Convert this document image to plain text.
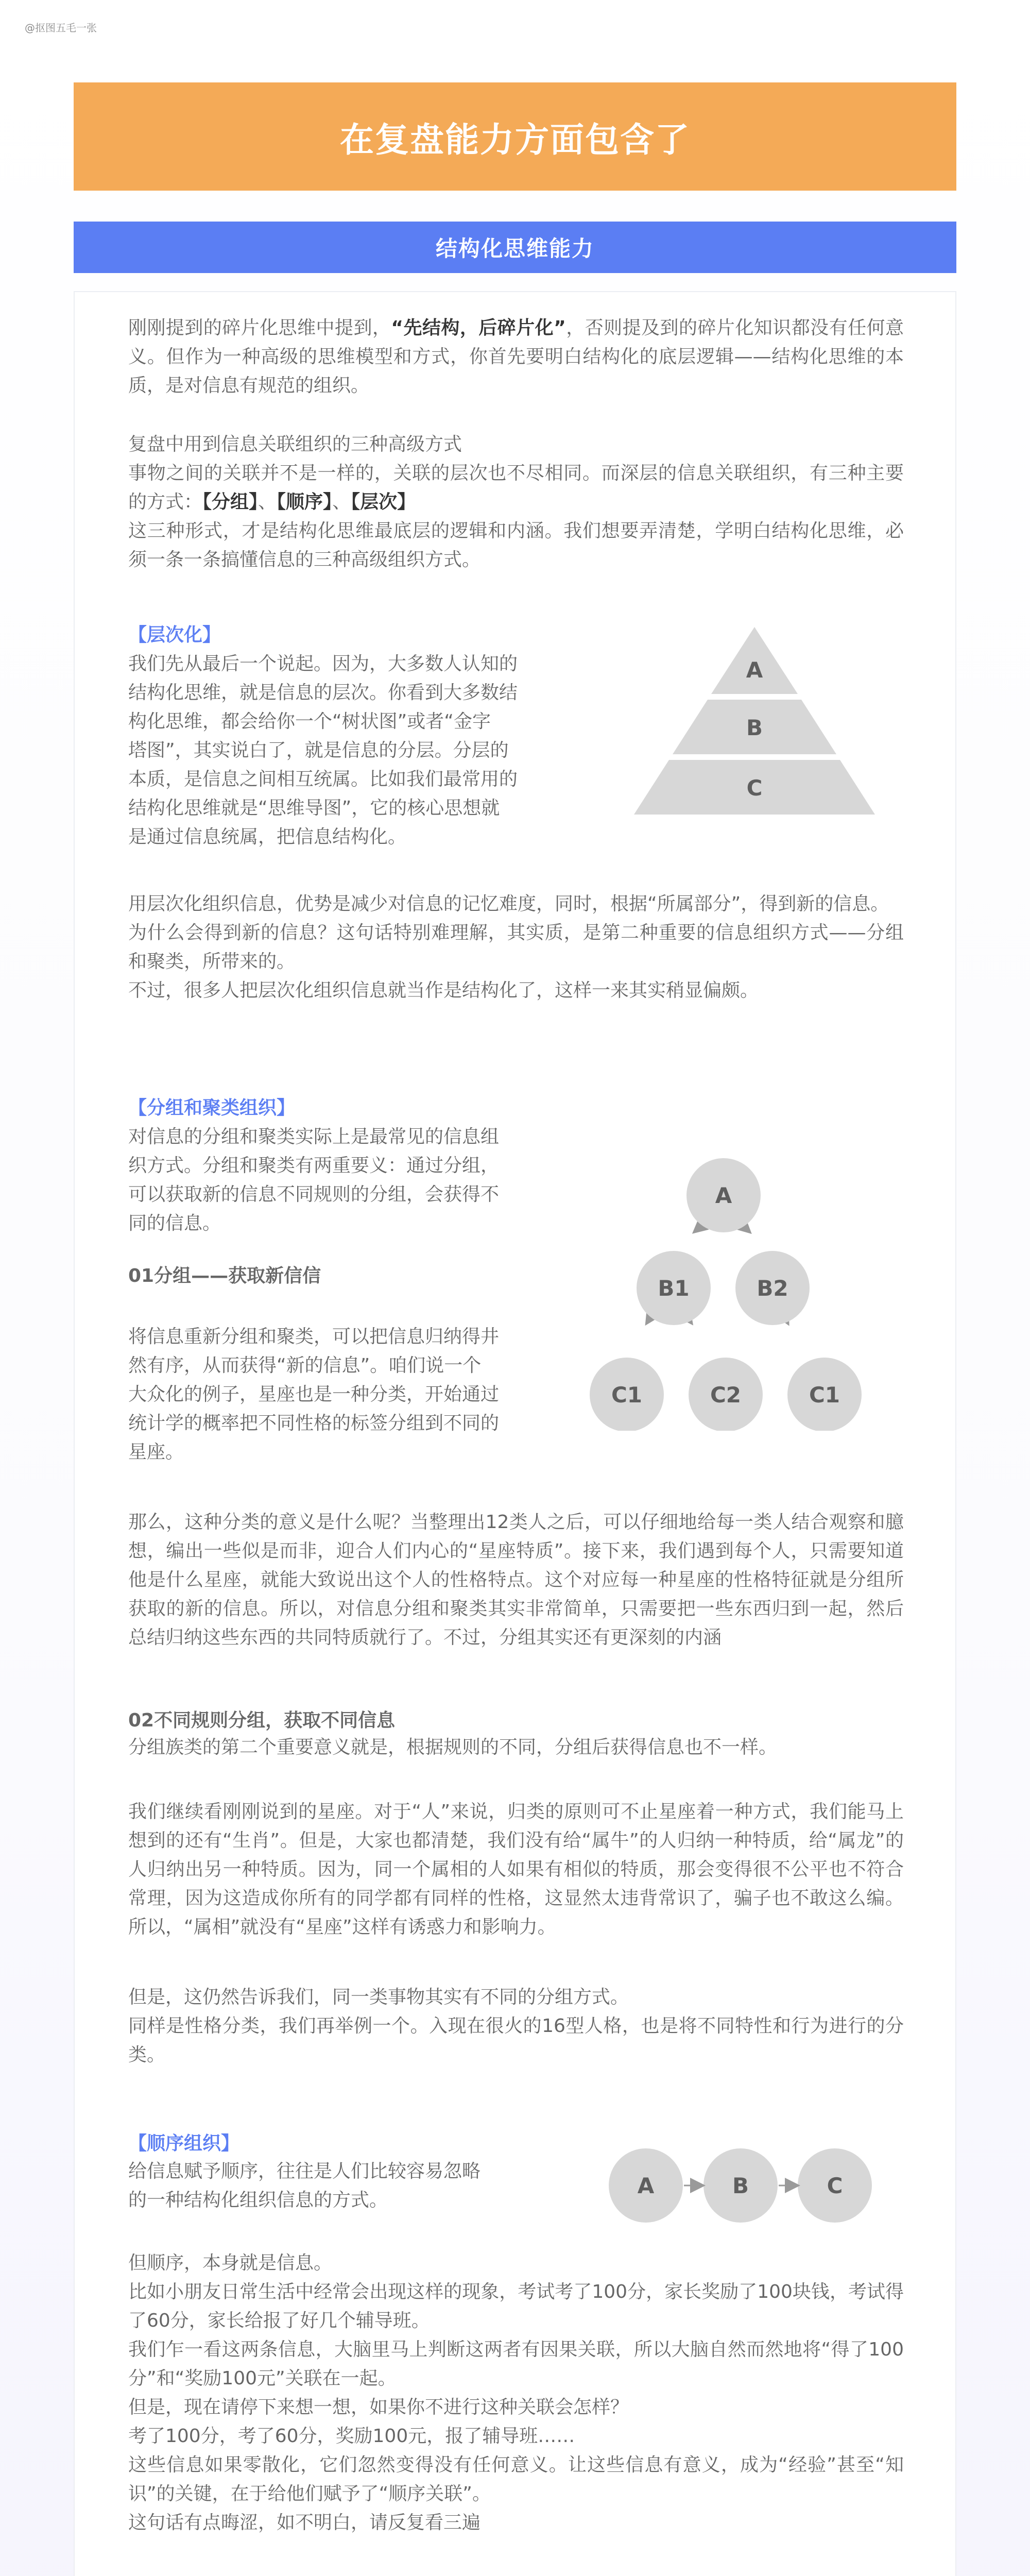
@抠图五毛一张
在复盘能力方面包含了
结构化思维能力
刚刚提到的碎片化思维中提到，“先结构，后碎片化”，否则提及到的碎片化知识都没有任何意义。但作为一种高级的思维模型和方式，你首先要明白结构化的底层逻辑——结构化思维的本质，是对信息有规范的组织。
复盘中用到信息关联组织的三种高级方式
事物之间的关联并不是一样的，关联的层次也不尽相同。而深层的信息关联组织，有三种主要的方式：【分组】、【顺序】、【层次】
这三种形式，才是结构化思维最底层的逻辑和内涵。我们想要弄清楚，学明白结构化思维，必须一条一条搞懂信息的三种高级组织方式。
【层次化】
我们先从最后一个说起。因为，大多数人认知的
结构化思维，就是信息的层次。你看到大多数结
构化思维，都会给你一个“树状图”或者“金字
塔图”，其实说白了，就是信息的分层。分层的
本质，是信息之间相互统属。比如我们最常用的
结构化思维就是“思维导图”，它的核心思想就
是通过信息统属，把信息结构化。
A
B
C
用层次化组织信息，优势是减少对信息的记忆难度，同时，根据“所属部分”，得到新的信息。
为什么会得到新的信息？这句话特别难理解，其实质，是第二种重要的信息组织方式——分组和聚类，所带来的。
不过，很多人把层次化组织信息就当作是结构化了，这样一来其实稍显偏颇。
【分组和聚类组织】
对信息的分组和聚类实际上是最常见的信息组
织方式。分组和聚类有两重要义：通过分组，
可以获取新的信息不同规则的分组，会获得不
同的信息。
01分组——获取新信信
将信息重新分组和聚类，可以把信息归纳得井
然有序，从而获得“新的信息”。咱们说一个
大众化的例子，星座也是一种分类，开始通过
统计学的概率把不同性格的标签分组到不同的
星座。
A
B1	B2
C1	C2	C1
那么，这种分类的意义是什么呢？当整理出12类人之后，可以仔细地给每一类人结合观察和臆想，编出一些似是而非，迎合人们内心的“星座特质”。接下来，我们遇到每个人，只需要知道他是什么星座，就能大致说出这个人的性格特点。这个对应每一种星座的性格特征就是分组所获取的新的信息。所以，对信息分组和聚类其实非常简单，只需要把一些东西归到一起，然后总结归纳这些东西的共同特质就行了。不过，分组其实还有更深刻的内涵
02不同规则分组，获取不同信息
分组族类的第二个重要意义就是，根据规则的不同，分组后获得信息也不一样。
我们继续看刚刚说到的星座。对于“人”来说，归类的原则可不止星座着一种方式，我们能马上想到的还有“生肖”。但是，大家也都清楚，我们没有给“属牛”的人归纳一种特质，给“属龙”的人归纳出另一种特质。因为，同一个属相的人如果有相似的特质，那会变得很不公平也不符合常理，因为这造成你所有的同学都有同样的性格，这显然太违背常识了，骗子也不敢这么编。所以，“属相”就没有“星座”这样有诱惑力和影响力。
但是，这仍然告诉我们，同一类事物其实有不同的分组方式。
同样是性格分类，我们再举例一个。入现在很火的16型人格，也是将不同特性和行为进行的分类。
【顺序组织】
给信息赋予顺序，往往是人们比较容易忽略
的一种结构化组织信息的方式。
A	B	C
但顺序，本身就是信息。
比如小朋友日常生活中经常会出现这样的现象，考试考了100分，家长奖励了100块钱，考试得了60分，家长给报了好几个辅导班。
我们乍一看这两条信息，大脑里马上判断这两者有因果关联，所以大脑自然而然地将“得了100分”和“奖励100元”关联在一起。
但是，现在请停下来想一想，如果你不进行这种关联会怎样？
考了100分，考了60分，奖励100元，报了辅导班……
这些信息如果零散化，它们忽然变得没有任何意义。让这些信息有意义，成为“经验”甚至“知识”的关键，在于给他们赋予了“顺序关联”。
这句话有点晦涩，如不明白，请反复看三遍
